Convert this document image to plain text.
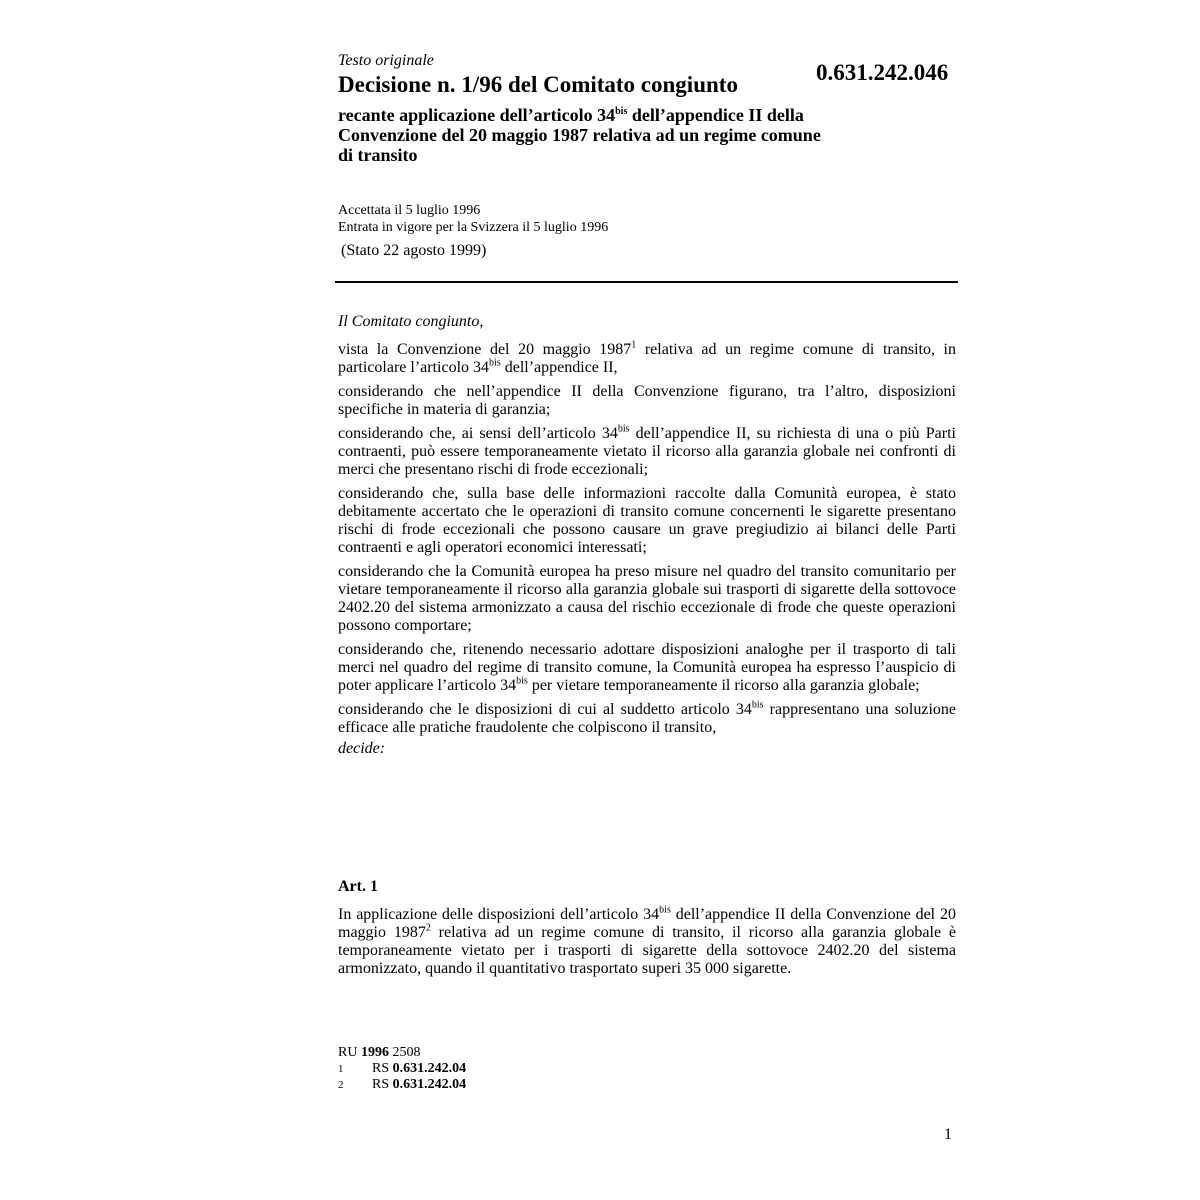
Testo originale
Decisione n. 1/96 del Comitato congiunto	0.631.242.046
recante applicazione dell’articolo $34^{bis}$ dell’appendice II della Convenzione del 20 maggio 1987 relativa ad un regime comune di transito
Accettata il 5 luglio 1996
Entrata in vigore per la Svizzera il 5 luglio 1996
(Stato 22 agosto 1999)

Il Comitato congiunto,

vista la Convenzione del 20 maggio 1987$^1$ relativa ad un regime comune di transito, in particolare l’articolo $34^{bis}$ dell’appendice II,

considerando che nell’appendice II della Convenzione figurano, tra l’altro, disposizioni specifiche in materia di garanzia;

considerando che, ai sensi dell’articolo $34^{bis}$ dell’appendice II, su richiesta di una o più Parti contraenti, può essere temporaneamente vietato il ricorso alla garanzia globale nei confronti di merci che presentano rischi di frode eccezionali;

considerando che, sulla base delle informazioni raccolte dalla Comunità europea, è stato debitamente accertato che le operazioni di transito comune concernenti le sigarette presentano rischi di frode eccezionali che possono causare un grave pregiudizio ai bilanci delle Parti contraenti e agli operatori economici interessati;

considerando che la Comunità europea ha preso misure nel quadro del transito comunitario per vietare temporaneamente il ricorso alla garanzia globale sui trasporti di sigarette della sottovoce 2402.20 del sistema armonizzato a causa del rischio eccezionale di frode che queste operazioni possono comportare;

considerando che, ritenendo necessario adottare disposizioni analoghe per il trasporto di tali merci nel quadro del regime di transito comune, la Comunità europea ha espresso l’auspicio di poter applicare l’articolo $34^{bis}$ per vietare temporaneamente il ricorso alla garanzia globale;

considerando che le disposizioni di cui al suddetto articolo $34^{bis}$ rappresentano una soluzione efficace alle pratiche fraudolente che colpiscono il transito,

decide:

Art. 1
In applicazione delle disposizioni dell’articolo $34^{bis}$ dell’appendice II della Convenzione del 20 maggio 1987$^2$ relativa ad un regime comune di transito, il ricorso alla garanzia globale è temporaneamente vietato per i trasporti di sigarette della sottovoce 2402.20 del sistema armonizzato, quando il quantitativo trasportato superi 35 000 sigarette.
RU 1996 2508
1	RS 0.631.242.04
2	RS 0.631.242.04
1
